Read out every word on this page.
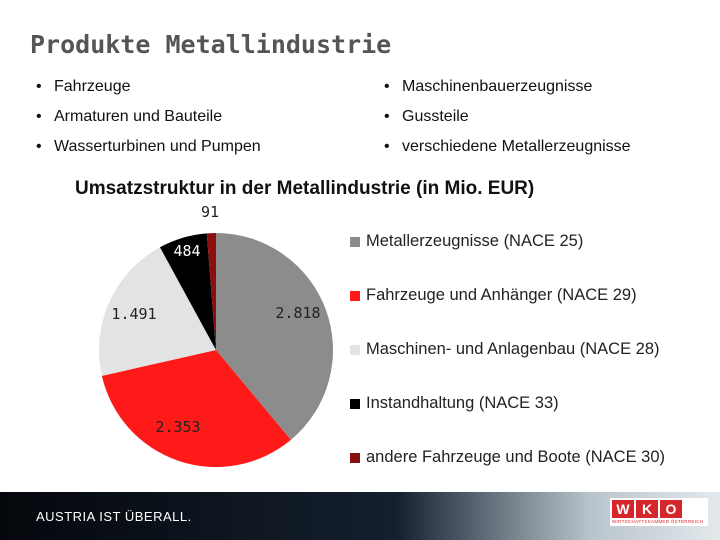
Produkte Metallindustrie
• Fahrzeuge
• Armaturen und Bauteile
• Wasserturbinen und Pumpen
• Maschinenbauerzeugnisse
• Gussteile
• verschiedene Metallerzeugnisse
Umsatzstruktur in der Metallindustrie (in Mio. EUR)
2.818
2.353
1.491
484
91
Metallerzeugnisse (NACE 25)
Fahrzeuge und Anhänger (NACE 29)
Maschinen- und Anlagenbau (NACE 28)
Instandhaltung (NACE 33)
andere Fahrzeuge und Boote (NACE 30)
AUSTRIA IST ÜBERALL.	W K O
WIRTSCHAFTSKAMMER ÖSTERREICH
